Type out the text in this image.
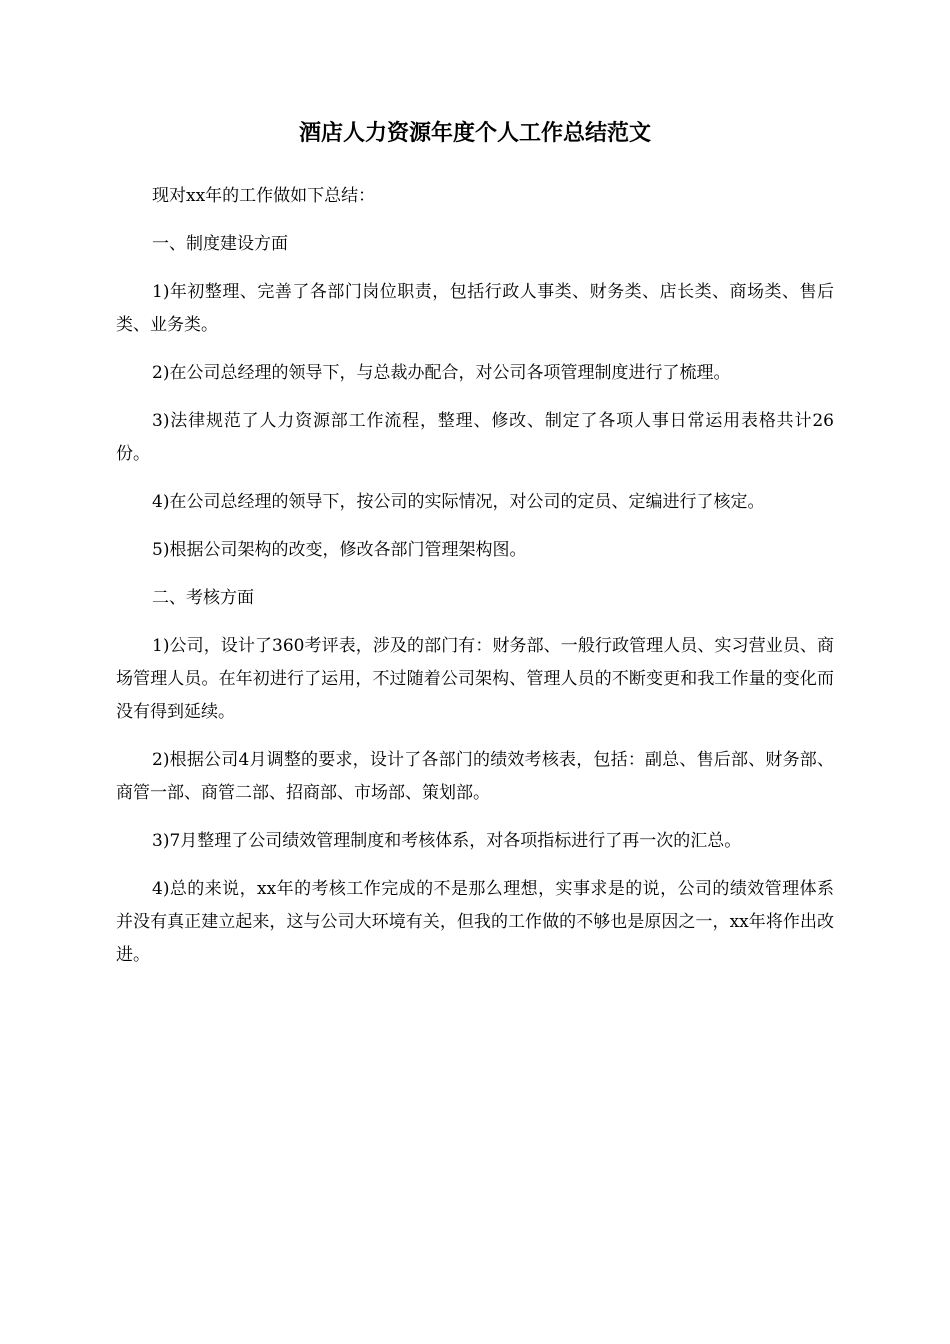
酒店人力资源年度个人工作总结范文

现对xx年的工作做如下总结：

一、制度建设方面

1)年初整理、完善了各部门岗位职责，包括行政人事类、财务类、店长类、商场类、售后类、业务类。

2)在公司总经理的领导下，与总裁办配合，对公司各项管理制度进行了梳理。

3)法律规范了人力资源部工作流程，整理、修改、制定了各项人事日常运用表格共计26份。

4)在公司总经理的领导下，按公司的实际情况，对公司的定员、定编进行了核定。

5)根据公司架构的改变，修改各部门管理架构图。

二、考核方面

1)公司，设计了360考评表，涉及的部门有：财务部、一般行政管理人员、实习营业员、商场管理人员。在年初进行了运用，不过随着公司架构、管理人员的不断变更和我工作量的变化而没有得到延续。

2)根据公司4月调整的要求，设计了各部门的绩效考核表，包括：副总、售后部、财务部、商管一部、商管二部、招商部、市场部、策划部。

3)7月整理了公司绩效管理制度和考核体系，对各项指标进行了再一次的汇总。

4)总的来说，xx年的考核工作完成的不是那么理想，实事求是的说，公司的绩效管理体系并没有真正建立起来，这与公司大环境有关，但我的工作做的不够也是原因之一，xx年将作出改进。
